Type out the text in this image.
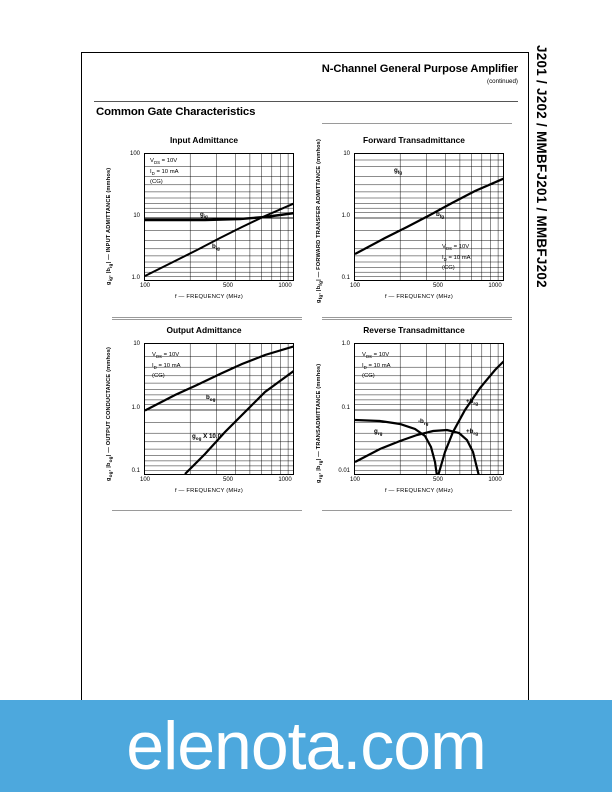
N-Channel General Purpose Amplifier
(continued)
Common Gate Characteristics
Input Admittance
$g_{ig}$, $|b_{ig}|$ — INPUT ADMITTANCE (mmhos)
100
10
1.0
$V_{DS} = 10V$
$I_D = 10$ mA
(CG)
$g_{ig}$
$b_{ig}$
100	500	1000
f — FREQUENCY (MHz)
Forward Transadmittance
$g_{fg}$, $|b_{fg}|$ — FORWARD TRANSFER ADMITTANCE (mmhos)	10
1.0
0.1
$g_{fg}$
$b_{fg}$
$V_{DS} = 10V$
$I_D = 10$ mA
(CG)
100	500	1000
f — FREQUENCY (MHz)
Output Admittance
$g_{og}$, $|b_{og}|$ — OUTPUT CONDUCTANCE (mmhos)
10
1.0
0.1
$V_{DS} = 10V$
$I_D = 10$ mA
(CG)
$b_{og}$
$g_{og}$ X 10.0
100	500	1000
f — FREQUENCY (MHz)
Reverse Transadmittance
$g_{rg}$, $|b_{rg}|$ — TRANSADMITTANCE (mmhos)
1.0
0.1
0.01
$V_{DS} = 10V$
$I_D = 10$ mA
(CG)
$g_{rg}$
$-b_{rg}$
$+b_{rg}$
$+b_{rg}$
100	500	1000
f — FREQUENCY (MHz)
J201 / J202 / MMBFJ201 / MMBFJ202
elenota.com
